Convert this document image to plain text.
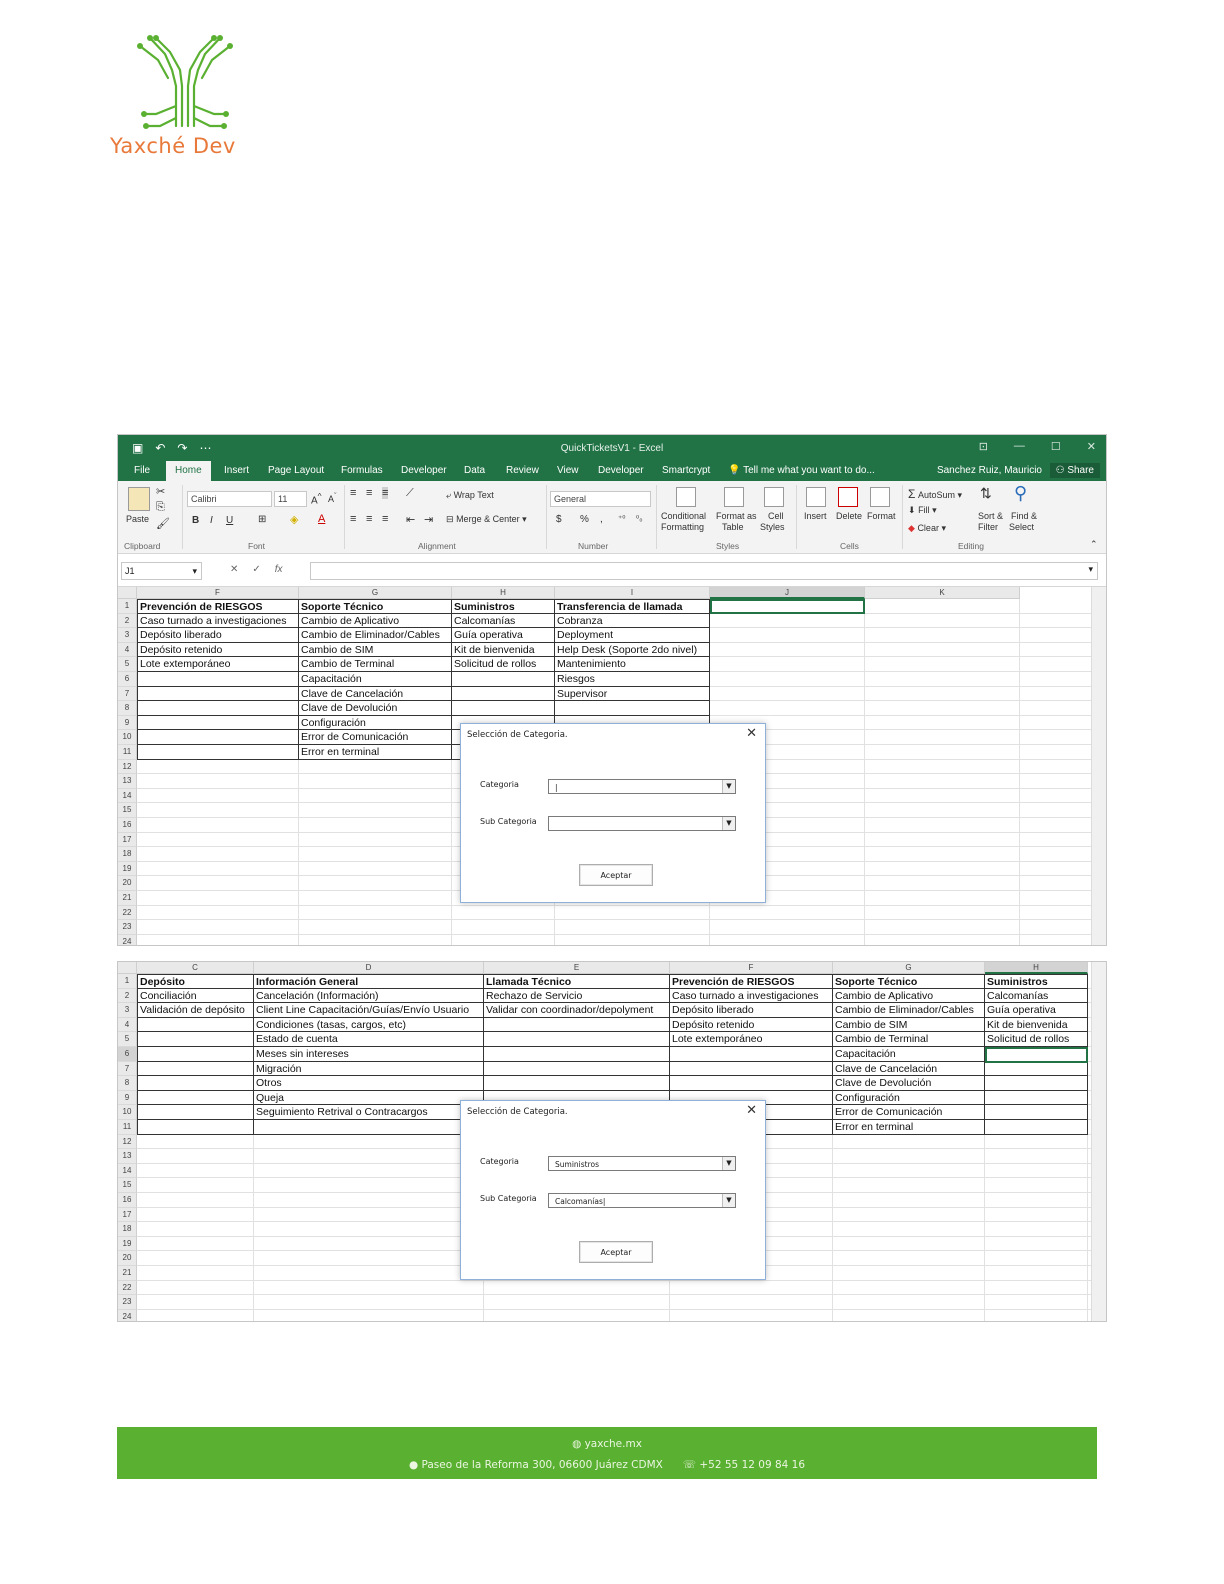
Yaxché Dev
▣ ↶ ↷ ⋯	QuickTicketsV1 - Excel	⊡ — ☐ ✕
File	Home	Insert Page Layout Formulas Developer Data Review View Developer Smartcrypt 💡 Tell me what you want to do...	Sanchez Ruiz, Mauricio	⚇ Share
Paste
✂
⎘
🖌
Clipboard
Calibri	11	A^ $A^ˇ$
B I U ⊞ ◈ A
Font
≡ ≡ ≡ ⟋
≡ ≡ ≡ ⇤ ⇥
⤶ Wrap Text
⊟ Merge & Center ▾
Alignment
General
$ % , ⁺⁰ ⁰₀
Number
Conditional
Formatting
Format as
Table
Cell
Styles
Styles
Insert Delete Format
Cells
Σ AutoSum ▾
⬇ Fill ▾
◆ Clear ▾
⇅
Sort &
Filter
⚲
Find &
Select
Editing	⌃
J1	▾	✕ ✓ fx	▾
F	G	H	I	J	K
1
2
3
4
5
6
7
8
9
10
11
12
13
14
15
16
17
18
19
20
21
22
23
24
Prevención de RIESGOS
Caso turnado a investigaciones
Depósito liberado
Depósito retenido
Lote extemporáneo
Soporte Técnico
Cambio de Aplicativo
Cambio de Eliminador/Cables
Cambio de SIM
Cambio de Terminal
Capacitación
Clave de Cancelación
Clave de Devolución
Configuración
Error de Comunicación
Error en terminal
Suministros
Calcomanías
Guía operativa
Kit de bienvenida
Solicitud de rollos
Transferencia de llamada
Cobranza
Deployment
Help Desk (Soporte 2do nivel)
Mantenimiento
Riesgos
Supervisor
Selección de Categoria.	✕
Categoria	|	▼
Sub Categoria	▼
Aceptar
C	D	E	F	G	H
1
2
3
4
5
6
7
8
9
10
11
12
13
14
15
16
17
18
19
20
21
22
23
24
Depósito
Conciliación
Validación de depósito
Información General
Cancelación (Información)
Client Line Capacitación/Guías/Envío Usuario
Condiciones (tasas, cargos, etc)
Estado de cuenta
Meses sin intereses
Migración
Otros
Queja
Seguimiento Retrival o Contracargos
Llamada Técnico
Rechazo de Servicio
Validar con coordinador/depolyment
Prevención de RIESGOS
Caso turnado a investigaciones
Depósito liberado
Depósito retenido
Lote extemporáneo
Soporte Técnico
Cambio de Aplicativo
Cambio de Eliminador/Cables
Cambio de SIM
Cambio de Terminal
Capacitación
Clave de Cancelación
Clave de Devolución
Configuración
Error de Comunicación
Error en terminal
Suministros
Calcomanías
Guía operativa
Kit de bienvenida
Solicitud de rollos
Selección de Categoria.	✕
Categoria	Suministros	▼
Sub Categoria	Calcomanías|	▼
Aceptar
◍ yaxche.mx
● Paseo de la Reforma 300, 06600 Juárez CDMX ☏ +52 55 12 09 84 16
